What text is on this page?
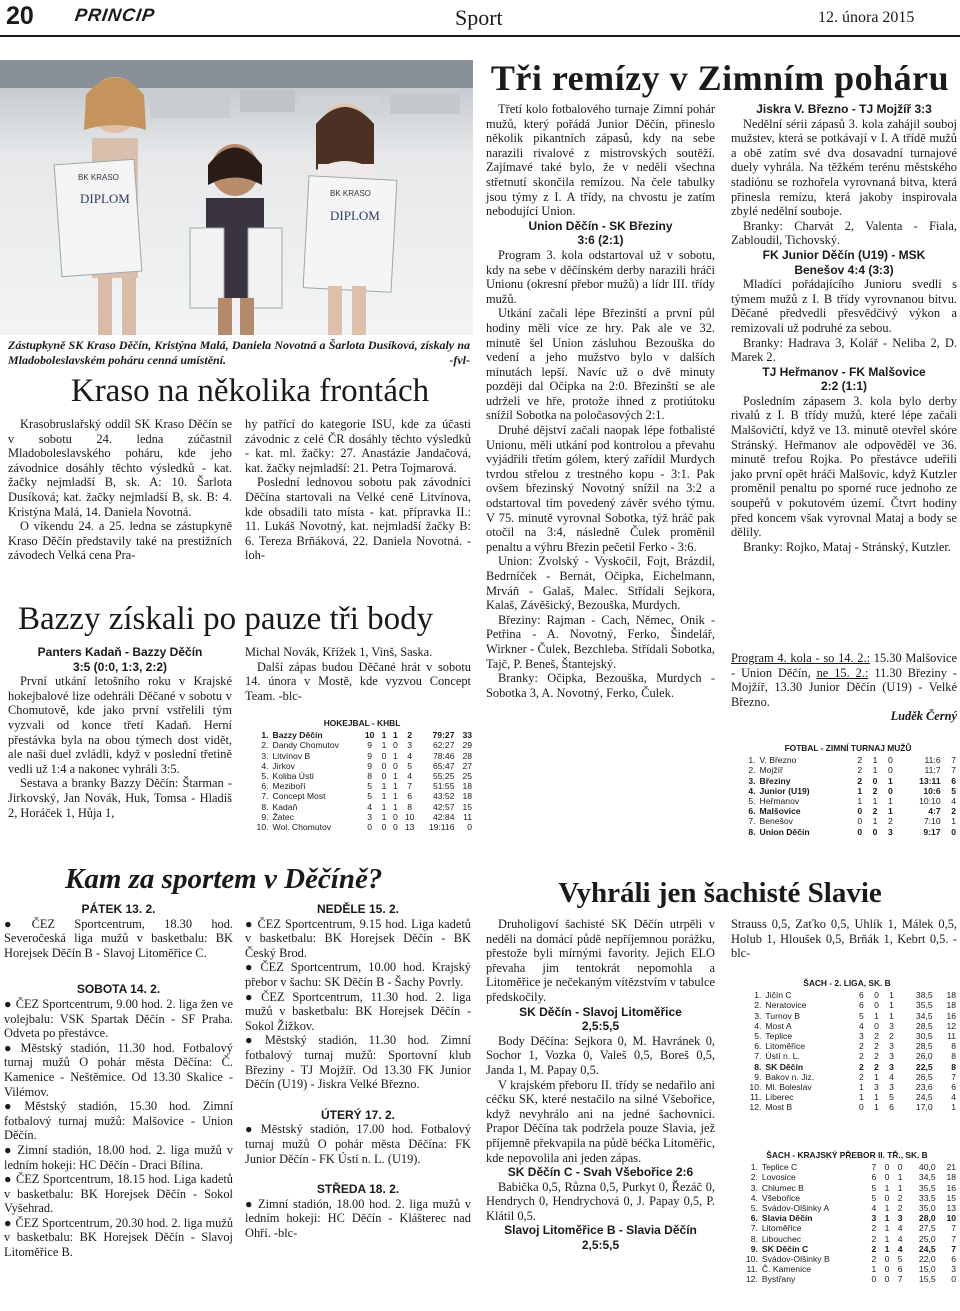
20 PRINCIP	Sport	12. února 2015
BK KRASO
DIPLOM	BK KRASO
DIPLOM
Zástupkyně SK Kraso Děčín, Kristýna Malá, Daniela Novotná a Šarlota Dusíková, získaly na Mladoboleslavském poháru cenná umístění.	-fvl-
Kraso na několika frontách

Krasobruslařský oddíl SK Kraso Děčín se v sobotu 24. ledna zúčastnil Mladoboleslavského poháru, kde jeho závodnice dosáhly těchto výsledků - kat. žačky nejmladší B, sk. A: 10. Šarlota Dusíková; kat. žačky nejmladší B, sk. B: 4. Kristýna Malá, 14. Daniela Novotná.

O víkendu 24. a 25. ledna se zástupkyně Kraso Děčín představily také na prestižních závodech Velká cena Pra-

hy patřící do kategorie ISU, kde za účasti závodnic z celé ČR dosáhly těchto výsledků - kat. ml. žačky: 27. Anastázie Jandačová, kat. žačky nejmladší: 21. Petra Tojmarová.

Poslední lednovou sobotu pak závodníci Děčína startovali na Velké ceně Litvínova, kde obsadili tato místa - kat. přípravka II.: 11. Lukáš Novotný, kat. nejmladší žačky B: 6. Tereza Brňáková, 22. Daniela Novotná. -loh-

Bazzy získali po pauze tři body

Panters Kadaň - Bazzy Děčín

3:5 (0:0, 1:3, 2:2)

První utkání letošního roku v Krajské hokejbalové lize odehráli Děčané v sobotu v Chomutově, kde jako první vstřelili tým vyzvali od konce třetí Kadaň. Herní přestávka byla na obou týmech dost vidět, ale naši duel zvládli, když v poslední třetině vedli už 1:4 a nakonec vyhráli 3:5.

Sestava a branky Bazzy Děčín: Štarman - Jirkovský, Jan Novák, Huk, Tomsa - Hladiš 2, Horáček 1, Hůja 1,

Michal Novák, Křížek 1, Vinš, Saska.

Další zápas budou Děčané hrát v sobotu 14. února v Mostě, kde vyzvou Concept Team. -blc-

HOKEJBAL - KHBL
1.	Bazzy Děčín	10	1	1	2	79:27	33
2.	Dandy Chomutov	9	1	0	3	62:27	29
3.	Litvínov B	9	0	1	4	78:46	28
4.	Jirkov	9	0	0	5	65:47	27
5.	Koliba Ústí	8	0	1	4	55:25	25
6.	Meziboří	5	1	1	7	51:55	18
7.	Concept Most	5	1	1	6	43:52	18
8.	Kadaň	4	1	1	8	42:57	15
9.	Žatec	3	1	0	10	42:84	11
10.	Wol. Chomutov	0	0	0	13	19:116	0
Kam za sportem v Děčíně?

PÁTEK 13. 2.

● ČEZ Sportcentrum, 18.30 hod. Severočeská liga mužů v basketbalu: BK Horejsek Děčín B - Slavoj Litoměřice C.

SOBOTA 14. 2.

● ČEZ Sportcentrum, 9.00 hod. 2. liga žen ve volejbalu: VSK Spartak Děčín - SF Praha. Odveta po přestávce.

● Městský stadión, 11.30 hod. Fotbalový turnaj mužů O pohár města Děčína: Č. Kamenice - Neštěmice. Od 13.30 Skalice - Vilémov.

● Městský stadión, 15.30 hod. Zimní fotbalový turnaj mužů: Malšovice - Union Děčín.

● Zimní stadión, 18.00 hod. 2. liga mužů v ledním hokeji: HC Děčín - Draci Bílina.

● ČEZ Sportcentrum, 18.15 hod. Liga kadetů v basketbalu: BK Horejsek Děčín - Sokol Vyšehrad.

● ČEZ Sportcentrum, 20.30 hod. 2. liga mužů v basketbalu: BK Horejsek Děčín - Slavoj Litoměřice B.

NEDĚLE 15. 2.

● ČEZ Sportcentrum, 9.15 hod. Liga kadetů v basketbalu: BK Horejsek Děčín - BK Český Brod.

● ČEZ Sportcentrum, 10.00 hod. Krajský přebor v šachu: SK Děčín B - Šachy Povrly.

● ČEZ Sportcentrum, 11.30 hod. 2. liga mužů v basketbalu: BK Horejsek Děčín - Sokol Žižkov.

● Městský stadión, 11.30 hod. Zimní fotbalový turnaj mužů: Sportovní klub Březiny - TJ Mojžíř. Od 13.30 FK Junior Děčín (U19) - Jiskra Velké Březno.

ÚTERÝ 17. 2.

● Městský stadión, 17.00 hod. Fotbalový turnaj mužů O pohár města Děčína: FK Junior Děčín - FK Ústí n. L. (U19).

STŘEDA 18. 2.

● Zimní stadión, 18.00 hod. 2. liga mužů v ledním hokeji: HC Děčín - Klášterec nad Ohří. -blc-

Tři remízy v Zimním poháru

Třetí kolo fotbalového turnaje Zimní pohár mužů, který pořádá Junior Děčín, přineslo několik pikantních zápasů, kdy na sebe narazili rivalové z mistrovských soutěží. Zajímavé také bylo, že v neděli všechna střetnutí skončila remízou. Na čele tabulky jsou týmy z I. A třídy, na chvostu je zatím nebodující Union.

Union Děčín - SK Březiny

3:6 (2:1)

Program 3. kola odstartoval už v sobotu, kdy na sebe v děčínském derby narazili hráči Unionu (okresní přebor mužů) a lídr III. třídy mužů.

Utkání začali lépe Březinští a první půl hodiny měli více ze hry. Pak ale ve 32. minutě šel Union zásluhou Bezouška do vedení a jeho mužstvo bylo v dalších minutách lepší. Navíc už o dvě minuty později dal Očipka na 2:0. Březinští se ale udrželi ve hře, protože ihned z protiútoku snížil Sobotka na poločasových 2:1.

Druhé dějství začali naopak lépe fotbalisté Unionu, měli utkání pod kontrolou a převahu vyjádřili třetím gólem, který zařídil Murdych tvrdou střelou z trestného kopu - 3:1. Pak ovšem březinský Novotný snížil na 3:2 a odstartoval tím povedený závěr svého týmu. V 75. minutě vyrovnal Sobotka, týž hráč pak otočil na 3:4, následně Čulek proměnil penaltu a výhru Březin pečetil Ferko - 3:6.

Union: Zvolský - Vyskočil, Fojt, Brázdil, Bedrníček - Bernát, Očipka, Eichelmann, Mrváň - Galaš, Malec. Střídali Sejkora, Kalaš, Závěšický, Bezouška, Murdych.

Březiny: Rajman - Cach, Němec, Onik - Petřina - A. Novotný, Ferko, Šindelář, Wirkner - Čulek, Bezchleba. Střídali Sobotka, Tajč, P. Beneš, Štantejský.

Branky: Očipka, Bezouška, Murdych - Sobotka 3, A. Novotný, Ferko, Čulek.

Jiskra V. Březno - TJ Mojžíř 3:3

Nedělní sérii zápasů 3. kola zahájil souboj mužstev, která se potkávají v I. A třídě mužů a obě zatím své dva dosavadní turnajové duely vyhrála. Na těžkém terénu městského stadiónu se rozhořela vyrovnaná bitva, která přinesla remízu, která jakoby inspirovala zbylé nedělní souboje.

Branky: Charvát 2, Valenta - Fiala, Zabloudil, Tichovský.

FK Junior Děčín (U19) - MSK

Benešov 4:4 (3:3)

Mladíci pořádajícího Junioru svedli s týmem mužů z I. B třídy vyrovnanou bitvu. Děčané předvedli přesvědčivý výkon a remizovali už podruhé za sebou.

Branky: Hadrava 3, Kolář - Neliba 2, D. Marek 2.

TJ Heřmanov - FK Malšovice

2:2 (1:1)

Posledním zápasem 3. kola bylo derby rivalů z I. B třídy mužů, které lépe začali Malšovičtí, když ve 13. minutě otevřel skóre Stránský. Heřmanov ale odpověděl ve 36. minutě trefou Rojka. Po přestávce udeřili jako první opět hráči Malšovic, když Kutzler proměnil penaltu po sporné ruce jednoho ze soupeřů v pokutovém území. Čtvrt hodiny před koncem však vyrovnal Mataj a body se dělily.

Branky: Rojko, Mataj - Stránský, Kutzler.

Program 4. kola - so 14. 2.: 15.30 Malšovice - Union Děčín, ne 15. 2.: 11.30 Březiny - Mojžíř, 13.30 Junior Děčín (U19) - Velké Březno.

Luděk Černý

FOTBAL - ZIMNÍ TURNAJ MUŽŮ
1.	V. Březno	2	1	0	11:6	7
2.	Mojžíř	2	1	0	11:7	7
3.	Březiny	2	0	1	13:11	6
4.	Junior (U19)	1	2	0	10:6	5
5.	Heřmanov	1	1	1	10:10	4
6.	Malšovice	0	2	1	4:7	2
7.	Benešov	0	1	2	7:10	1
8.	Union Děčín	0	0	3	9:17	0
Vyhráli jen šachisté Slavie

Druholigoví šachisté SK Děčín utrpěli v neděli na domácí půdě nepříjemnou porážku, přestože byli mírnými favority. Jejich ELO převaha jim tentokrát nepomohla a Litoměřice je nečekaným vítězstvím v tabulce předskočily.

SK Děčín - Slavoj Litoměřice

2,5:5,5

Body Děčína: Sejkora 0, M. Havránek 0, Sochor 1, Vozka 0, Valeš 0,5, Boreš 0,5, Janda 1, M. Papay 0,5.

V krajském přeboru II. třídy se nedařilo ani céčku SK, které nestačilo na silné Všebořice, když nevyhrálo ani na jedné šachovnici. Prapor Děčína tak podržela pouze Slavia, jež příjemně překvapila na půdě béčka Litoměřic, kde nepovolila ani jeden zápas.

SK Děčín C - Svah Všebořice 2:6

Babička 0,5, Různa 0,5, Purkyt 0, Řezáč 0, Hendrych 0, Hendrychová 0, J. Papay 0,5, P. Klátil 0,5.

Slavoj Litoměřice B - Slavia Děčín

2,5:5,5

Strauss 0,5, Zaťko 0,5, Uhlík 1, Málek 0,5, Holub 1, Hloušek 0,5, Brňák 1, Kebrt 0,5. -blc-

ŠACH - 2. LIGA, SK. B
1.	Jičín C	6	0	1	38,5	18
2.	Neratovice	6	0	1	35,5	18
3.	Turnov B	5	1	1	34,5	16
4.	Most A	4	0	3	28,5	12
5.	Teplice	3	2	2	30,5	11
6.	Litoměřice	2	2	3	28,5	8
7.	Ústí n. L.	2	2	3	26,0	8
8.	SK Děčín	2	2	3	22,5	8
9.	Bakov n. Jiz.	2	1	4	26,5	7
10.	Ml. Boleslav	1	3	3	23,6	6
11.	Liberec	1	1	5	24,5	4
12.	Most B	0	1	6	17,0	1
ŠACH - KRAJSKÝ PŘEBOR II. TŘ., SK. B
1.	Teplice C	7	0	0	40,0	21
2.	Lovosice	6	0	1	34,5	18
3.	Chlumec B	5	1	1	35,5	16
4.	Všebořice	5	0	2	33,5	15
5.	Svádov-Olšinky A	4	1	2	35,0	13
6.	Slavia Děčín	3	1	3	28,0	10
7.	Litoměřice	2	1	4	27,5	7
8.	Libouchec	2	1	4	25,0	7
9.	SK Děčín C	2	1	4	24,5	7
10.	Svádov-Olšinky B	2	0	5	22,0	6
11.	Č. Kamenice	1	0	6	15,0	3
12.	Bystřany	0	0	7	15,5	0
